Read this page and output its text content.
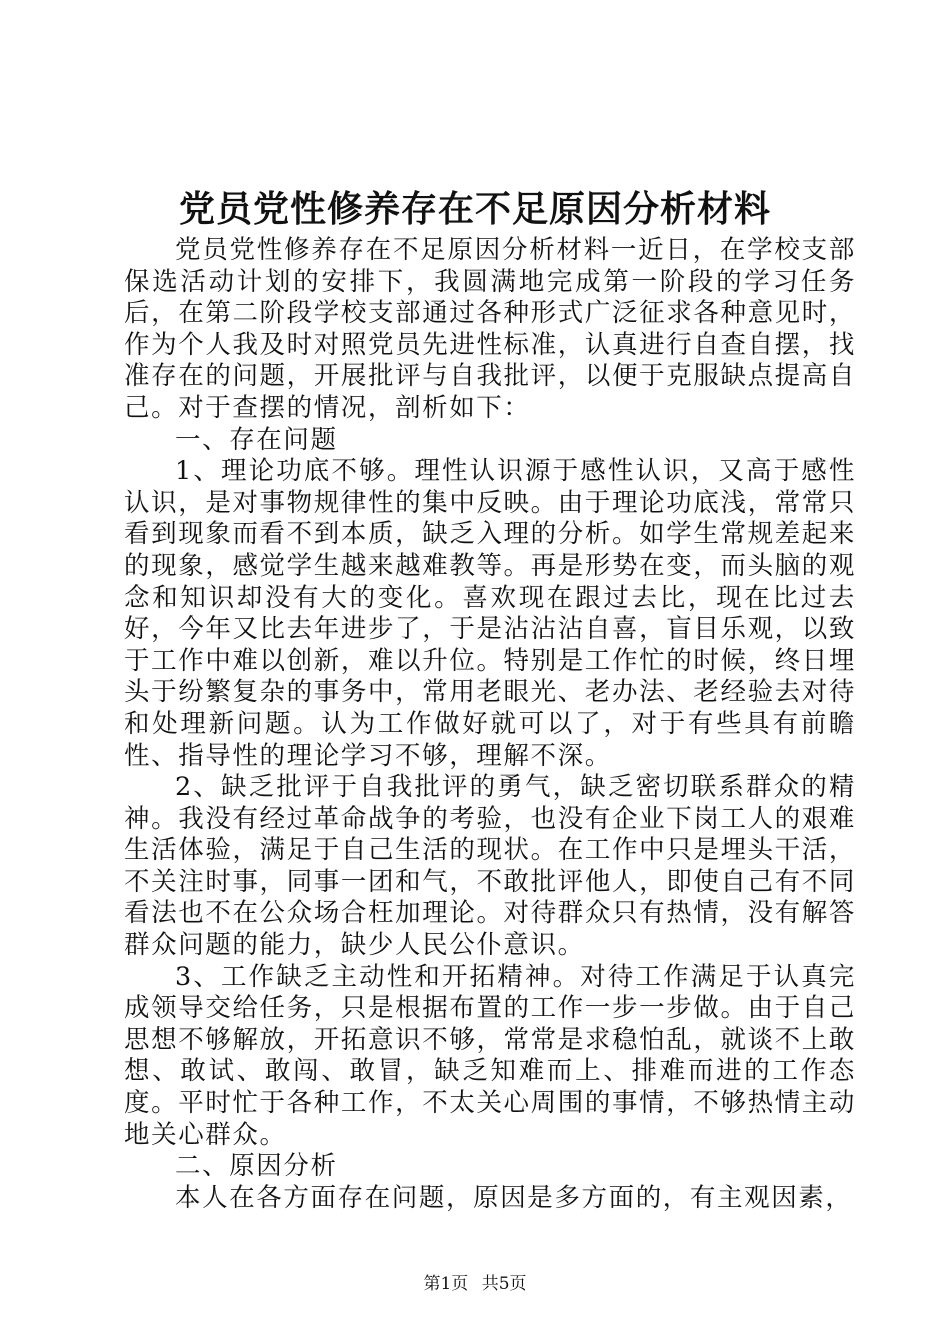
党员党性修养存在不足原因分析材料

党员党性修养存在不足原因分析材料一近日，在学校支部保选活动计划的安排下，我圆满地完成第一阶段的学习任务后，在第二阶段学校支部通过各种形式广泛征求各种意见时，作为个人我及时对照党员先进性标准，认真进行自查自摆，找准存在的问题，开展批评与自我批评，以便于克服缺点提高自己。对于查摆的情况，剖析如下：

一、存在问题

1、理论功底不够。理性认识源于感性认识，又高于感性认识，是对事物规律性的集中反映。由于理论功底浅，常常只看到现象而看不到本质，缺乏入理的分析。如学生常规差起来的现象，感觉学生越来越难教等。再是形势在变，而头脑的观念和知识却没有大的变化。喜欢现在跟过去比，现在比过去好，今年又比去年进步了，于是沾沾沾自喜，盲目乐观，以致于工作中难以创新，难以升位。特别是工作忙的时候，终日埋头于纷繁复杂的事务中，常用老眼光、老办法、老经验去对待和处理新问题。认为工作做好就可以了，对于有些具有前瞻性、指导性的理论学习不够，理解不深。

2、缺乏批评于自我批评的勇气，缺乏密切联系群众的精神。我没有经过革命战争的考验，也没有企业下岗工人的艰难生活体验，满足于自己生活的现状。在工作中只是埋头干活，不关注时事，同事一团和气，不敢批评他人，即使自己有不同看法也不在公众场合枉加理论。对待群众只有热情，没有解答群众问题的能力，缺少人民公仆意识。

3、工作缺乏主动性和开拓精神。对待工作满足于认真完成领导交给任务，只是根据布置的工作一步一步做。由于自己思想不够解放，开拓意识不够，常常是求稳怕乱，就谈不上敢想、敢试、敢闯、敢冒，缺乏知难而上、排难而进的工作态度。平时忙于各种工作，不太关心周围的事情，不够热情主动地关心群众。

二、原因分析

本人在各方面存在问题，原因是多方面的，有主观因素，

第1页 共5页
